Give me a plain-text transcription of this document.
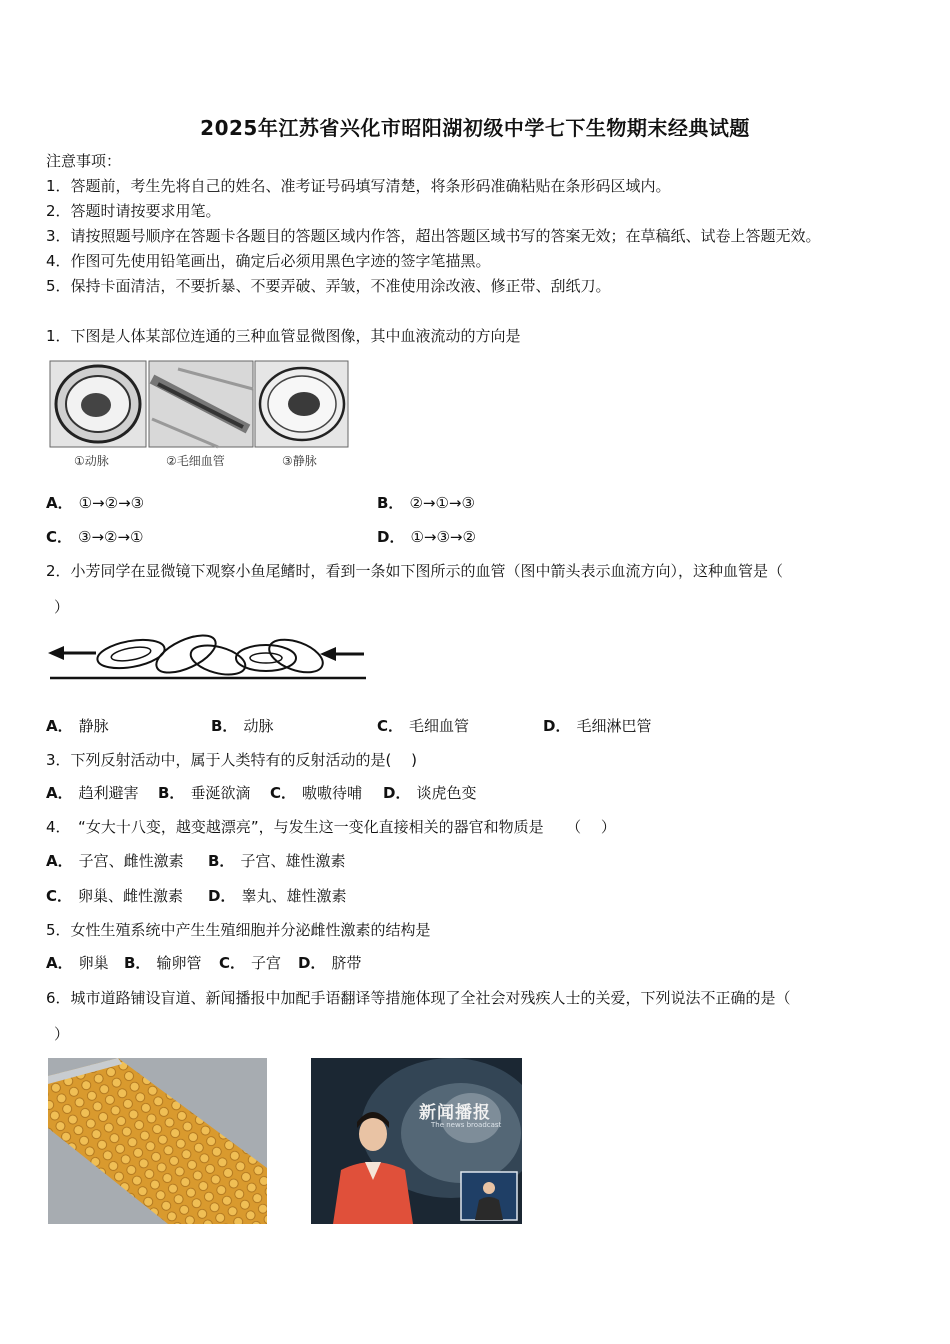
2025年江苏省兴化市昭阳湖初级中学七下生物期末经典试题
注意事项：
1．答题前，考生先将自己的姓名、准考证号码填写清楚，将条形码准确粘贴在条形码区域内。
2．答题时请按要求用笔。
3．请按照题号顺序在答题卡各题目的答题区域内作答，超出答题区域书写的答案无效；在草稿纸、试卷上答题无效。
4．作图可先使用铅笔画出，确定后必须用黑色字迹的签字笔描黑。
5．保持卡面清洁，不要折暴、不要弄破、弄皱，不准使用涂改液、修正带、刮纸刀。
1．下图是人体某部位连通的三种血管显微图像，其中血液流动的方向是
①动脉	②毛细血管	③静脉
A． ①→②→③	B． ②→①→③
C． ③→②→①	D． ①→③→②
2．小芳同学在显微镜下观察小鱼尾鳍时，看到一条如下图所示的血管（图中箭头表示血流方向），这种血管是（
）
A． 静脉	B． 动脉	C． 毛细血管	D． 毛细淋巴管
3．下列反射活动中，属于人类特有的反射活动的是(　 )
A． 趋利避害 B． 垂涎欲滴 C． 嗷嗷待哺 D． 谈虎色变
4．　“女大十八变，越变越漂亮”，与发生这一变化直接相关的器官和物质是　　（　 ）
A． 子宫、雌性激素 B． 子宫、雄性激素
C． 卵巢、雌性激素 D． 睾丸、雄性激素
5．女性生殖系统中产生生殖细胞并分泌雌性激素的结构是
A． 卵巢 B． 输卵管 C． 子宫 D． 脐带
6．城市道路铺设盲道、新闻播报中加配手语翻译等措施体现了全社会对残疾人士的关爱，下列说法不正确的是（
）
新闻播报
The news broadcast
